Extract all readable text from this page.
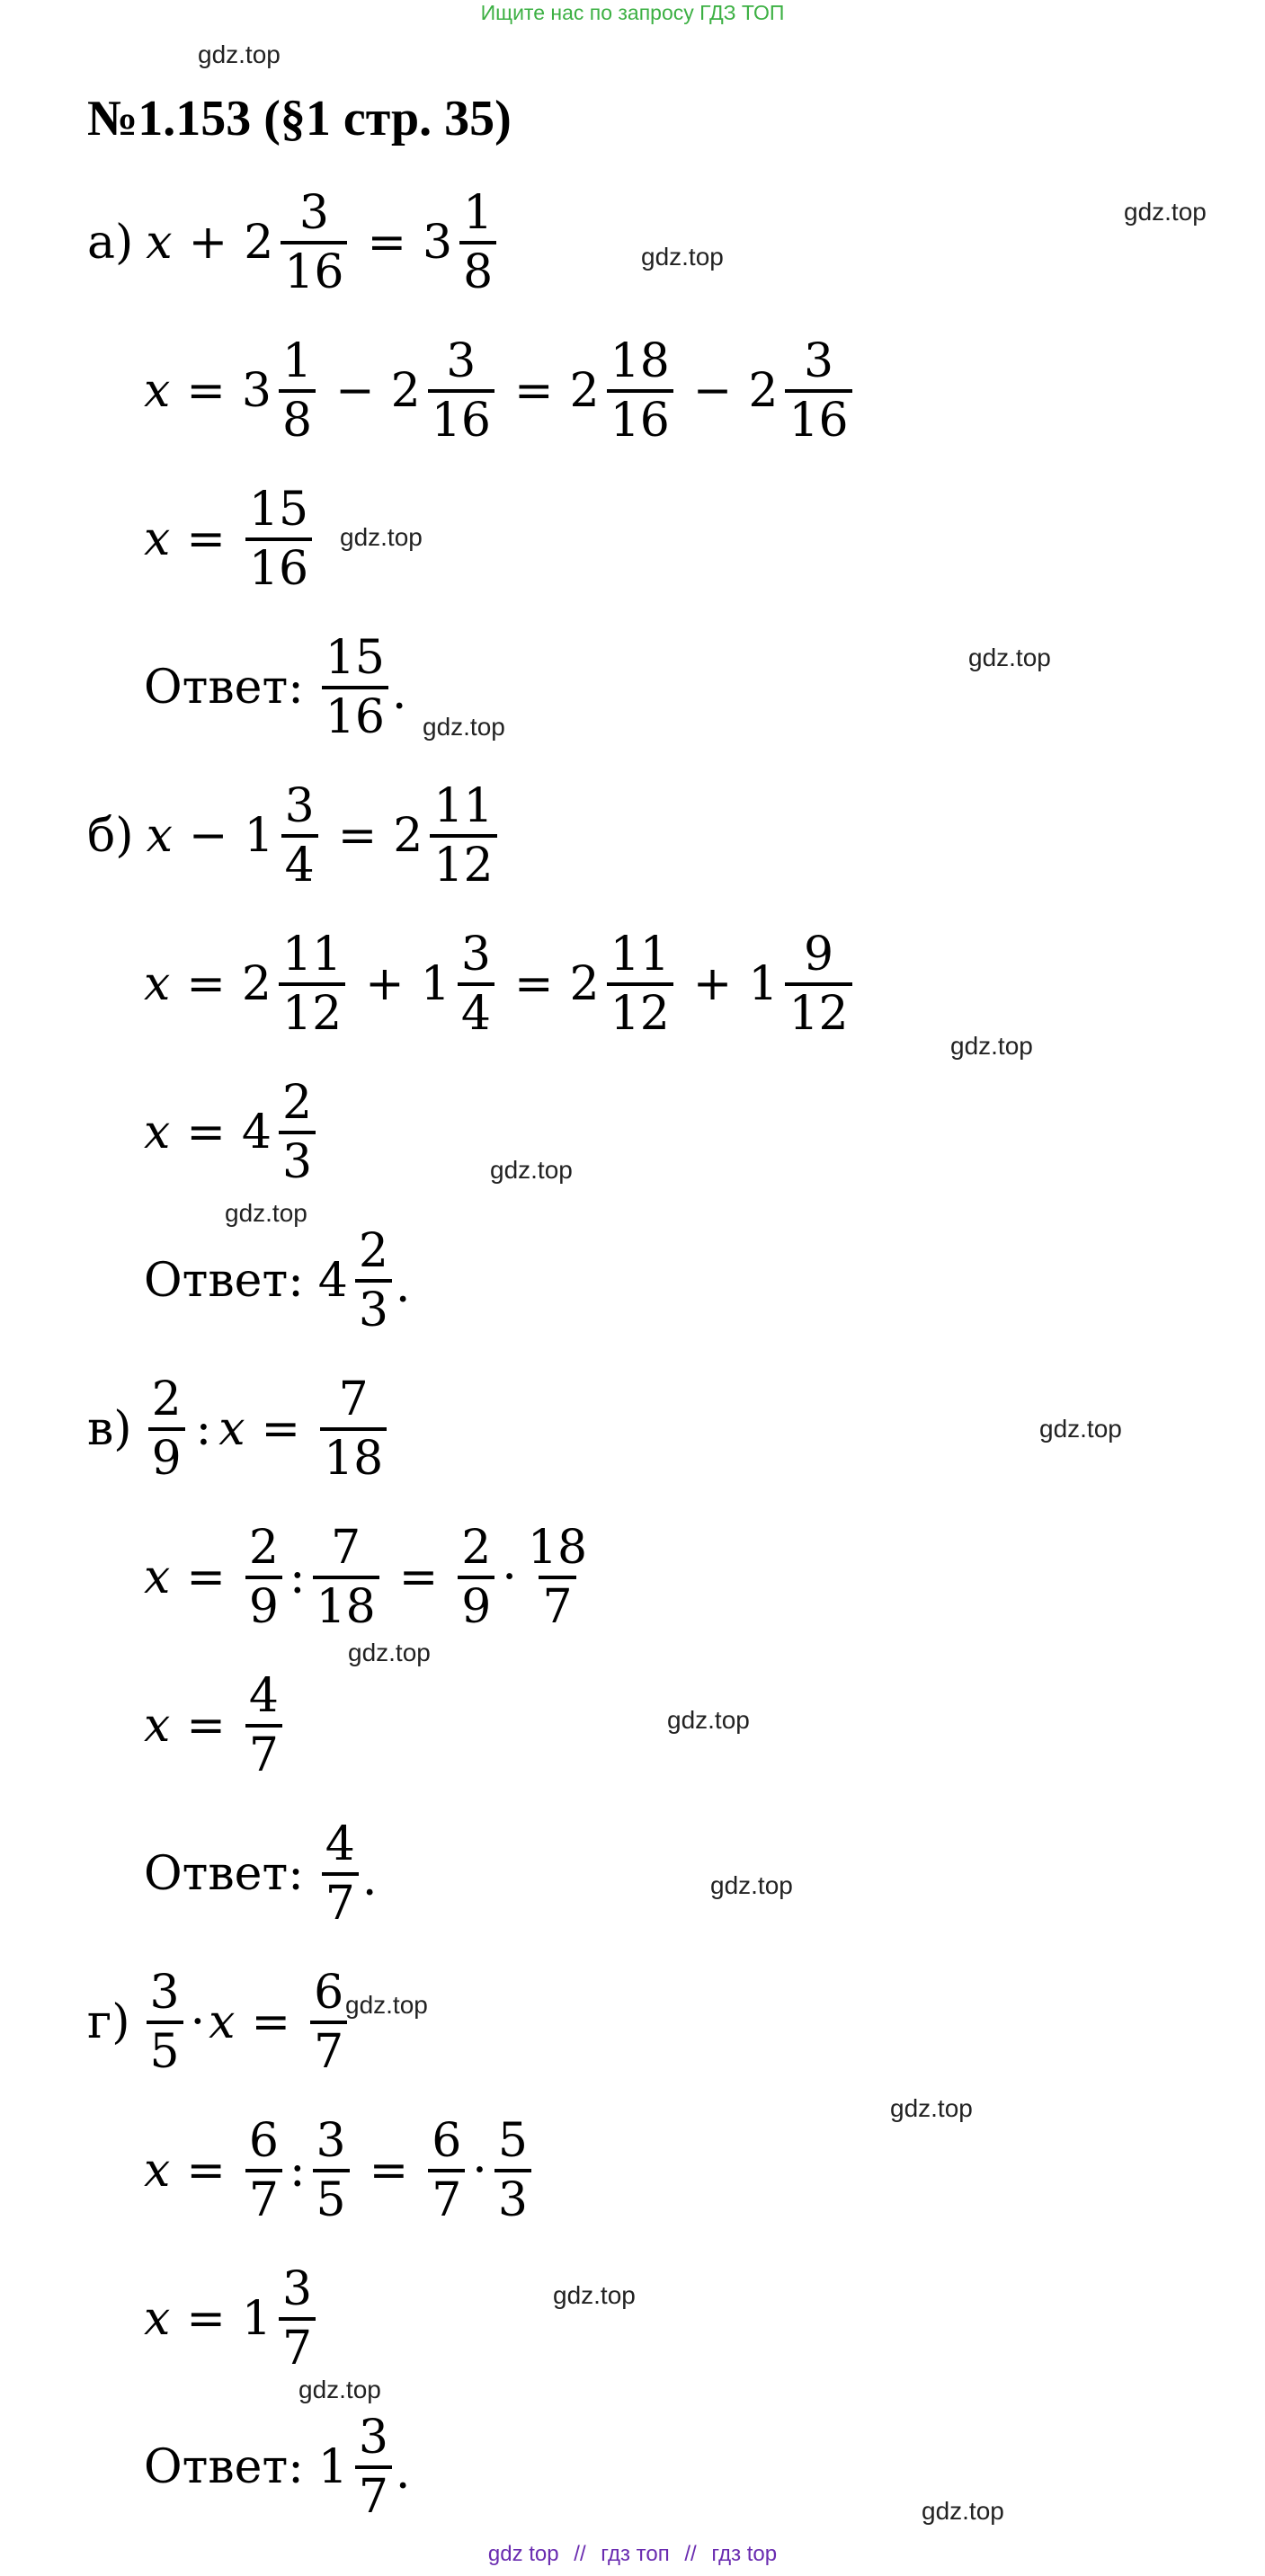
Ищите нас по запросу ГДЗ ТОП
gdz.top
gdz.top
gdz.top
gdz.top
gdz.top
gdz.top
gdz.top
gdz.top
gdz.top
gdz.top
gdz.top
gdz.top
gdz.top
gdz.top
gdz.top
gdz.top
gdz.top
gdz.top
№1.153 (§1 стр. 35)
а) $x + 2 \frac{3}{16} = 3 \frac{1}{8}$
$x = 3 \frac{1}{8} - 2 \frac{3}{16} = 2 \frac{18}{16} - 2 \frac{3}{16}$
$x = \frac{15}{16}$
Ответ: $\frac{15}{16}$ .
б) $x - 1 \frac{3}{4} = 2 \frac{11}{12}$
$x = 2 \frac{11}{12} + 1 \frac{3}{4} = 2 \frac{11}{12} + 1 \frac{9}{12}$
$x = 4 \frac{2}{3}$
Ответ: $4 \frac{2}{3}$ .
$в) \frac{2}{9}$ : $x = \frac{7}{18}$
$x = \frac{2}{9}$ : $\frac{7}{18} = \frac{2}{9} \cdot \frac{18}{7}$
$x = \frac{4}{7}$
Ответ: $\frac{4}{7}$ .
$г) \frac{3}{5} \cdot x = \frac{6}{7}$
$x = \frac{6}{7}$ : $\frac{3}{5} = \frac{6}{7} \cdot \frac{5}{3}$
$x = 1 \frac{3}{7}$
Ответ: $1 \frac{3}{7}$ .
gdz top // гдз топ // гдз top
